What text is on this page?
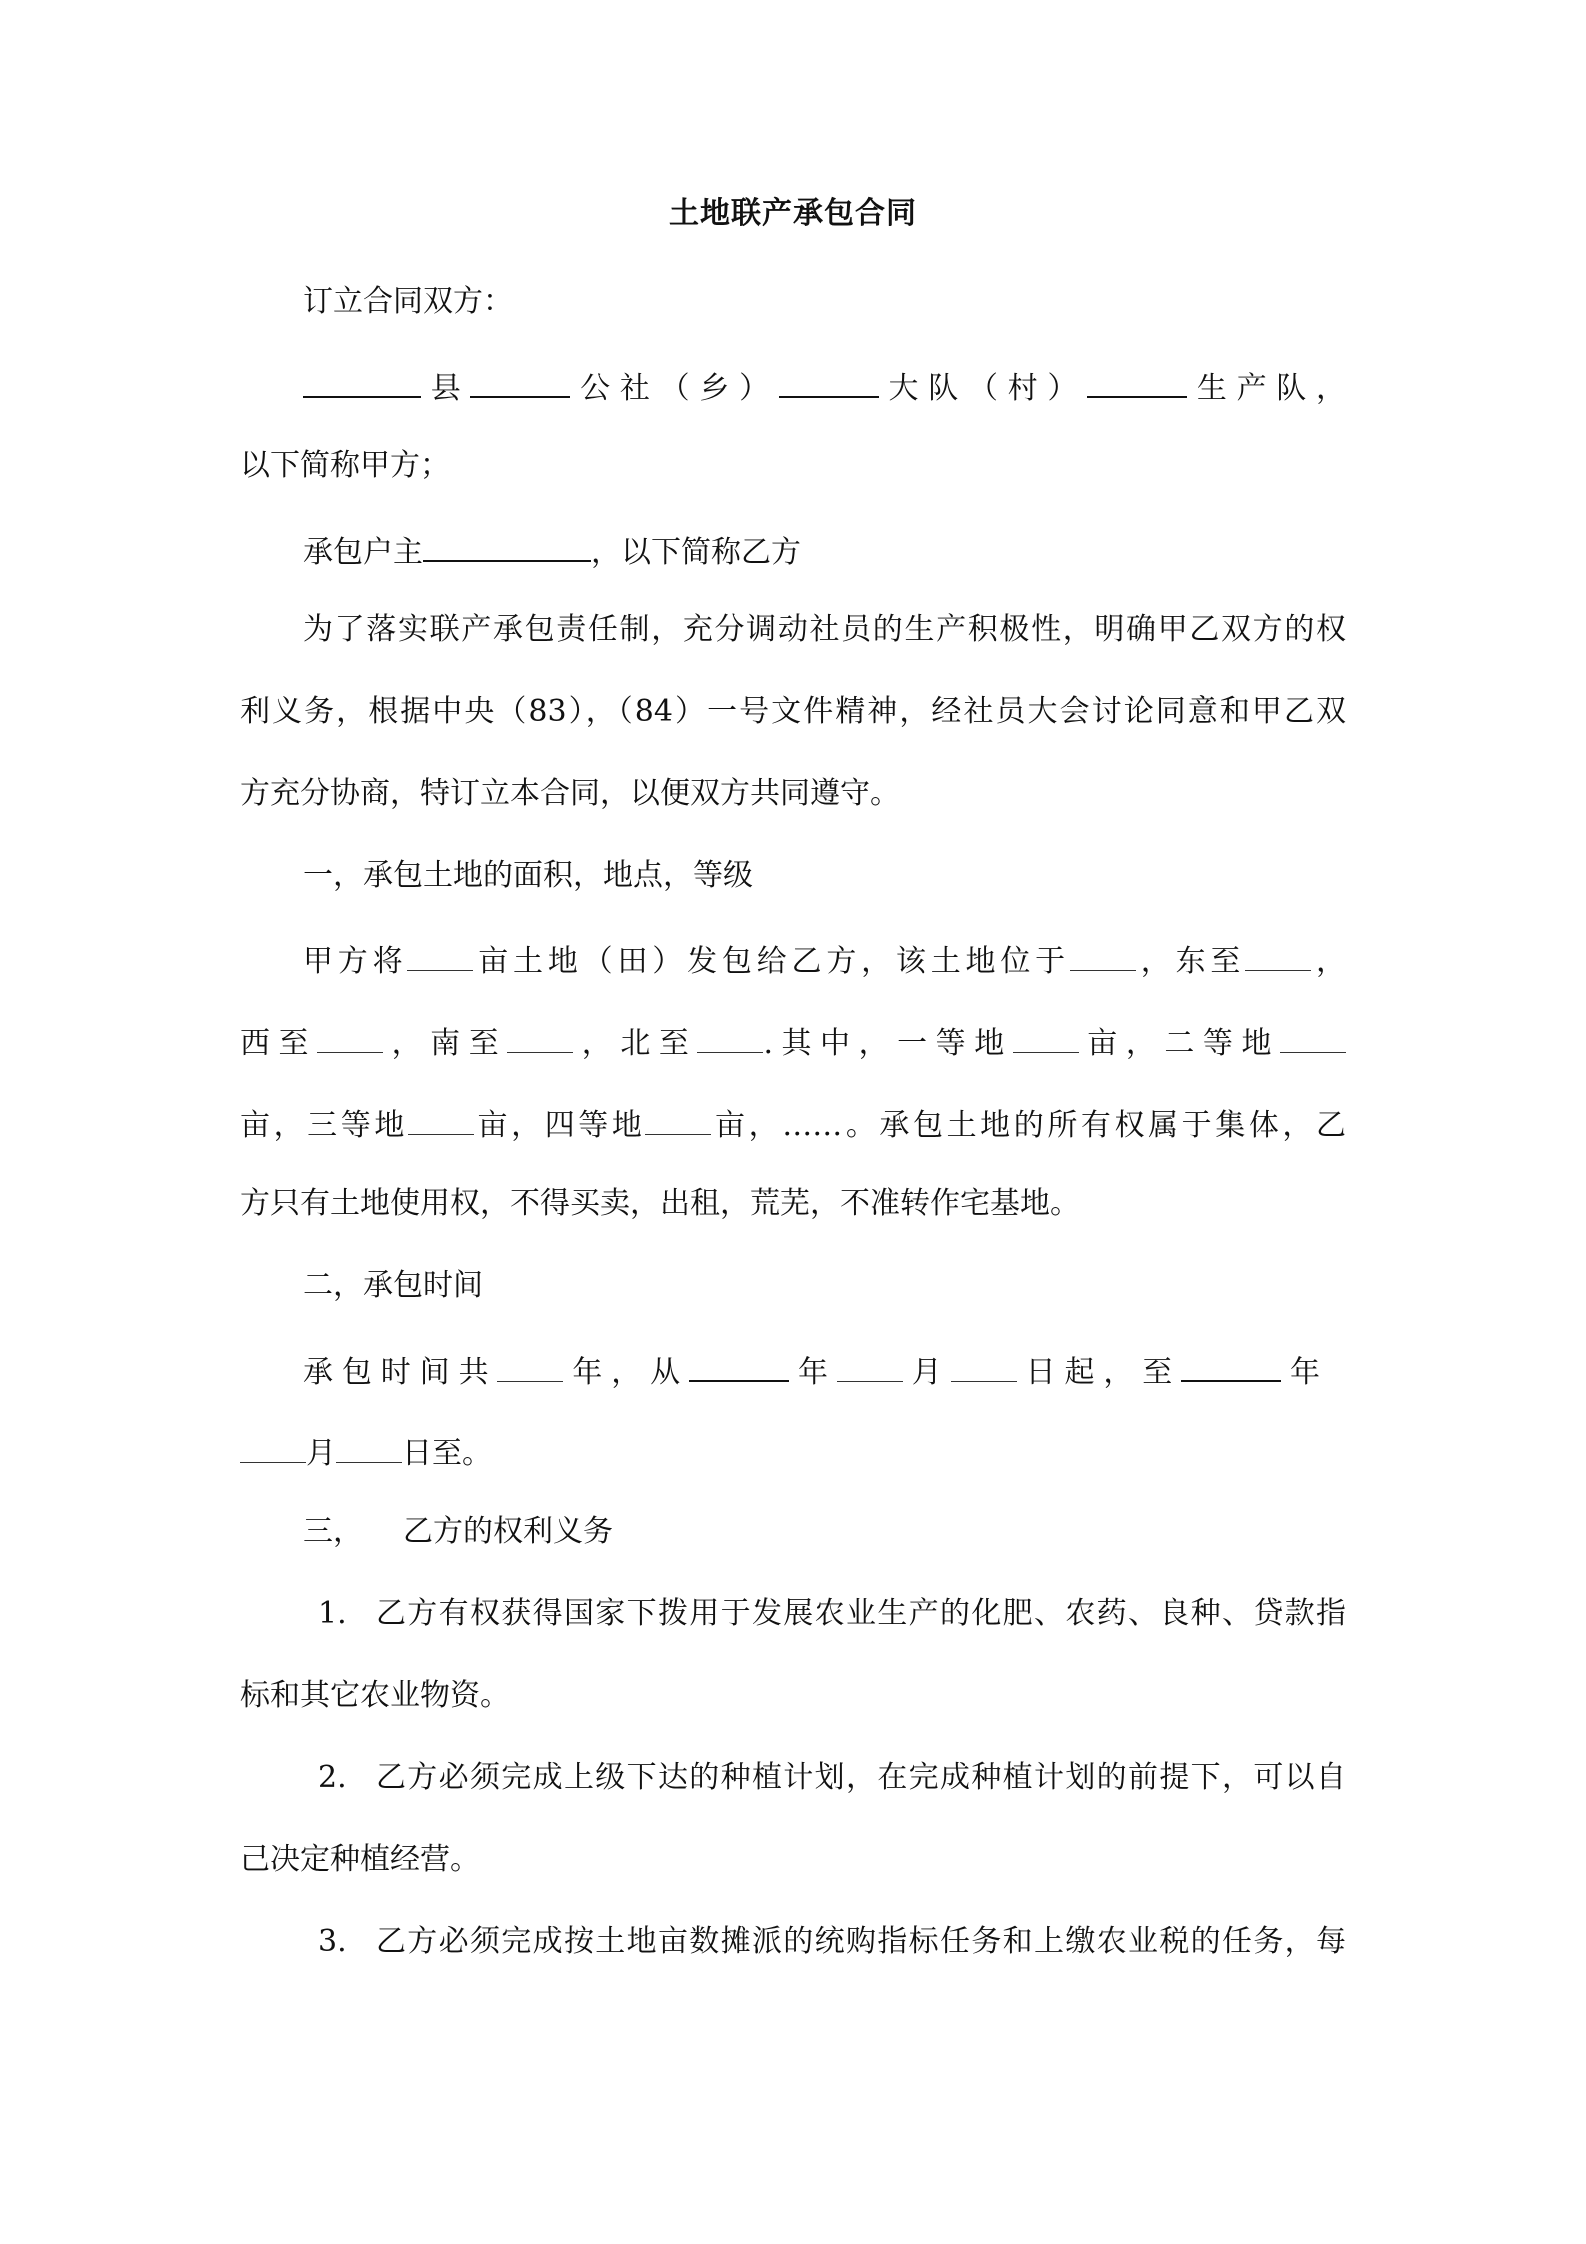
土地联产承包合同
订立合同双方：
县	公社（乡）	大队（村）	生产队，
以下简称甲方；
承包户主	，以下简称乙方
为了落实联产承包责任制，充分调动社员的生产积极性，明确甲乙双方的权
利义务，根据中央（83），（84）一号文件精神，经社员大会讨论同意和甲乙双
方充分协商，特订立本合同，以便双方共同遵守。
一，承包土地的面积，地点，等级
甲方将 亩土地（田）发包给乙方，该土地位于 ，东至 ，
西至 ，南至 ，北至 .其中，一等地 亩，二等地
亩，三等地 亩，四等地 亩，……。承包土地的所有权属于集体，乙
方只有土地使用权，不得买卖，出租，荒芜，不准转作宅基地。
二，承包时间
承包时间共 年，从	年 月 日起，至	年
月 日至。
三， 乙方的权利义务
1. 乙方有权获得国家下拨用于发展农业生产的化肥、农药、良种、贷款指
标和其它农业物资。
2. 乙方必须完成上级下达的种植计划，在完成种植计划的前提下，可以自
己决定种植经营。
3. 乙方必须完成按土地亩数摊派的统购指标任务和上缴农业税的任务，每
